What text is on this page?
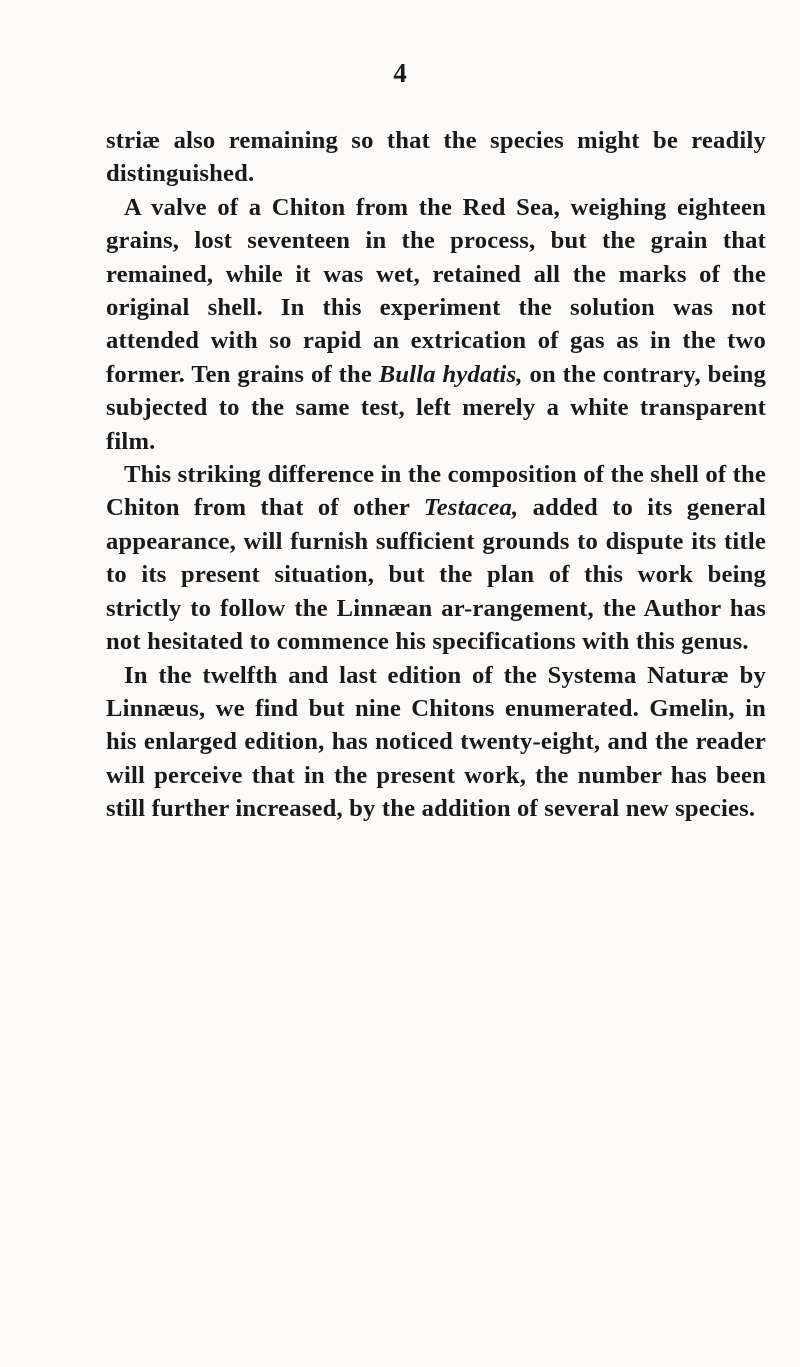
4

striæ also remaining so that the species might be readily distinguished.

A valve of a Chiton from the Red Sea, weighing eighteen grains, lost seventeen in the process, but the grain that remained, while it was wet, retained all the marks of the original shell. In this experiment the solution was not attended with so rapid an extrication of gas as in the two former. Ten grains of the Bulla hydatis, on the contrary, being subjected to the same test, left merely a white transparent film.

This striking difference in the composition of the shell of the Chiton from that of other Testacea, added to its general appearance, will furnish sufficient grounds to dispute its title to its present situation, but the plan of this work being strictly to follow the Linnæan ar-rangement, the Author has not hesitated to commence his specifications with this genus.

In the twelfth and last edition of the Systema Naturæ by Linnæus, we find but nine Chitons enumerated. Gmelin, in his enlarged edition, has noticed twenty-eight, and the reader will perceive that in the present work, the number has been still further increased, by the addition of several new species.
